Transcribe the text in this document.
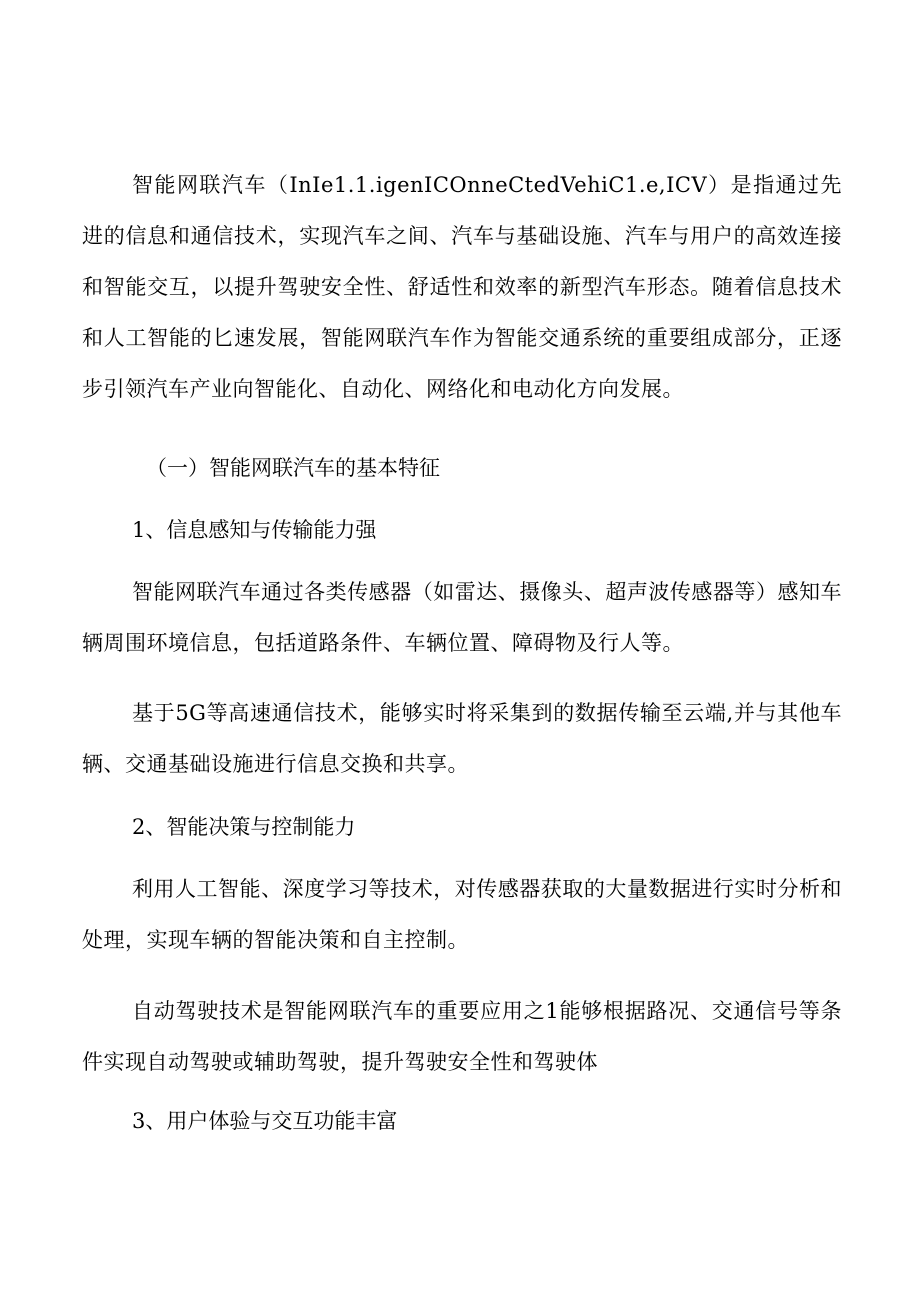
智能网联汽车（InIe1.1.igenICOnneCtedVehiC1.e,ICV）是指通过先进的信息和通信技术，实现汽车之间、汽车与基础设施、汽车与用户的高效连接和智能交互，以提升驾驶安全性、舒适性和效率的新型汽车形态。随着信息技术和人工智能的匕速发展，智能网联汽车作为智能交通系统的重要组成部分，正逐步引领汽车产业向智能化、自动化、网络化和电动化方向发展。

（一）智能网联汽车的基本特征
1、信息感知与传输能力强

智能网联汽车通过各类传感器（如雷达、摄像头、超声波传感器等）感知车辆周围环境信息，包括道路条件、车辆位置、障碍物及行人等。

基于5G等高速通信技术，能够实时将采集到的数据传输至云端,并与其他车辆、交通基础设施进行信息交换和共享。

2、智能决策与控制能力

利用人工智能、深度学习等技术，对传感器获取的大量数据进行实时分析和处理，实现车辆的智能决策和自主控制。

自动驾驶技术是智能网联汽车的重要应用之1能够根据路况、交通信号等条件实现自动驾驶或辅助驾驶，提升驾驶安全性和驾驶体

3、用户体验与交互功能丰富
